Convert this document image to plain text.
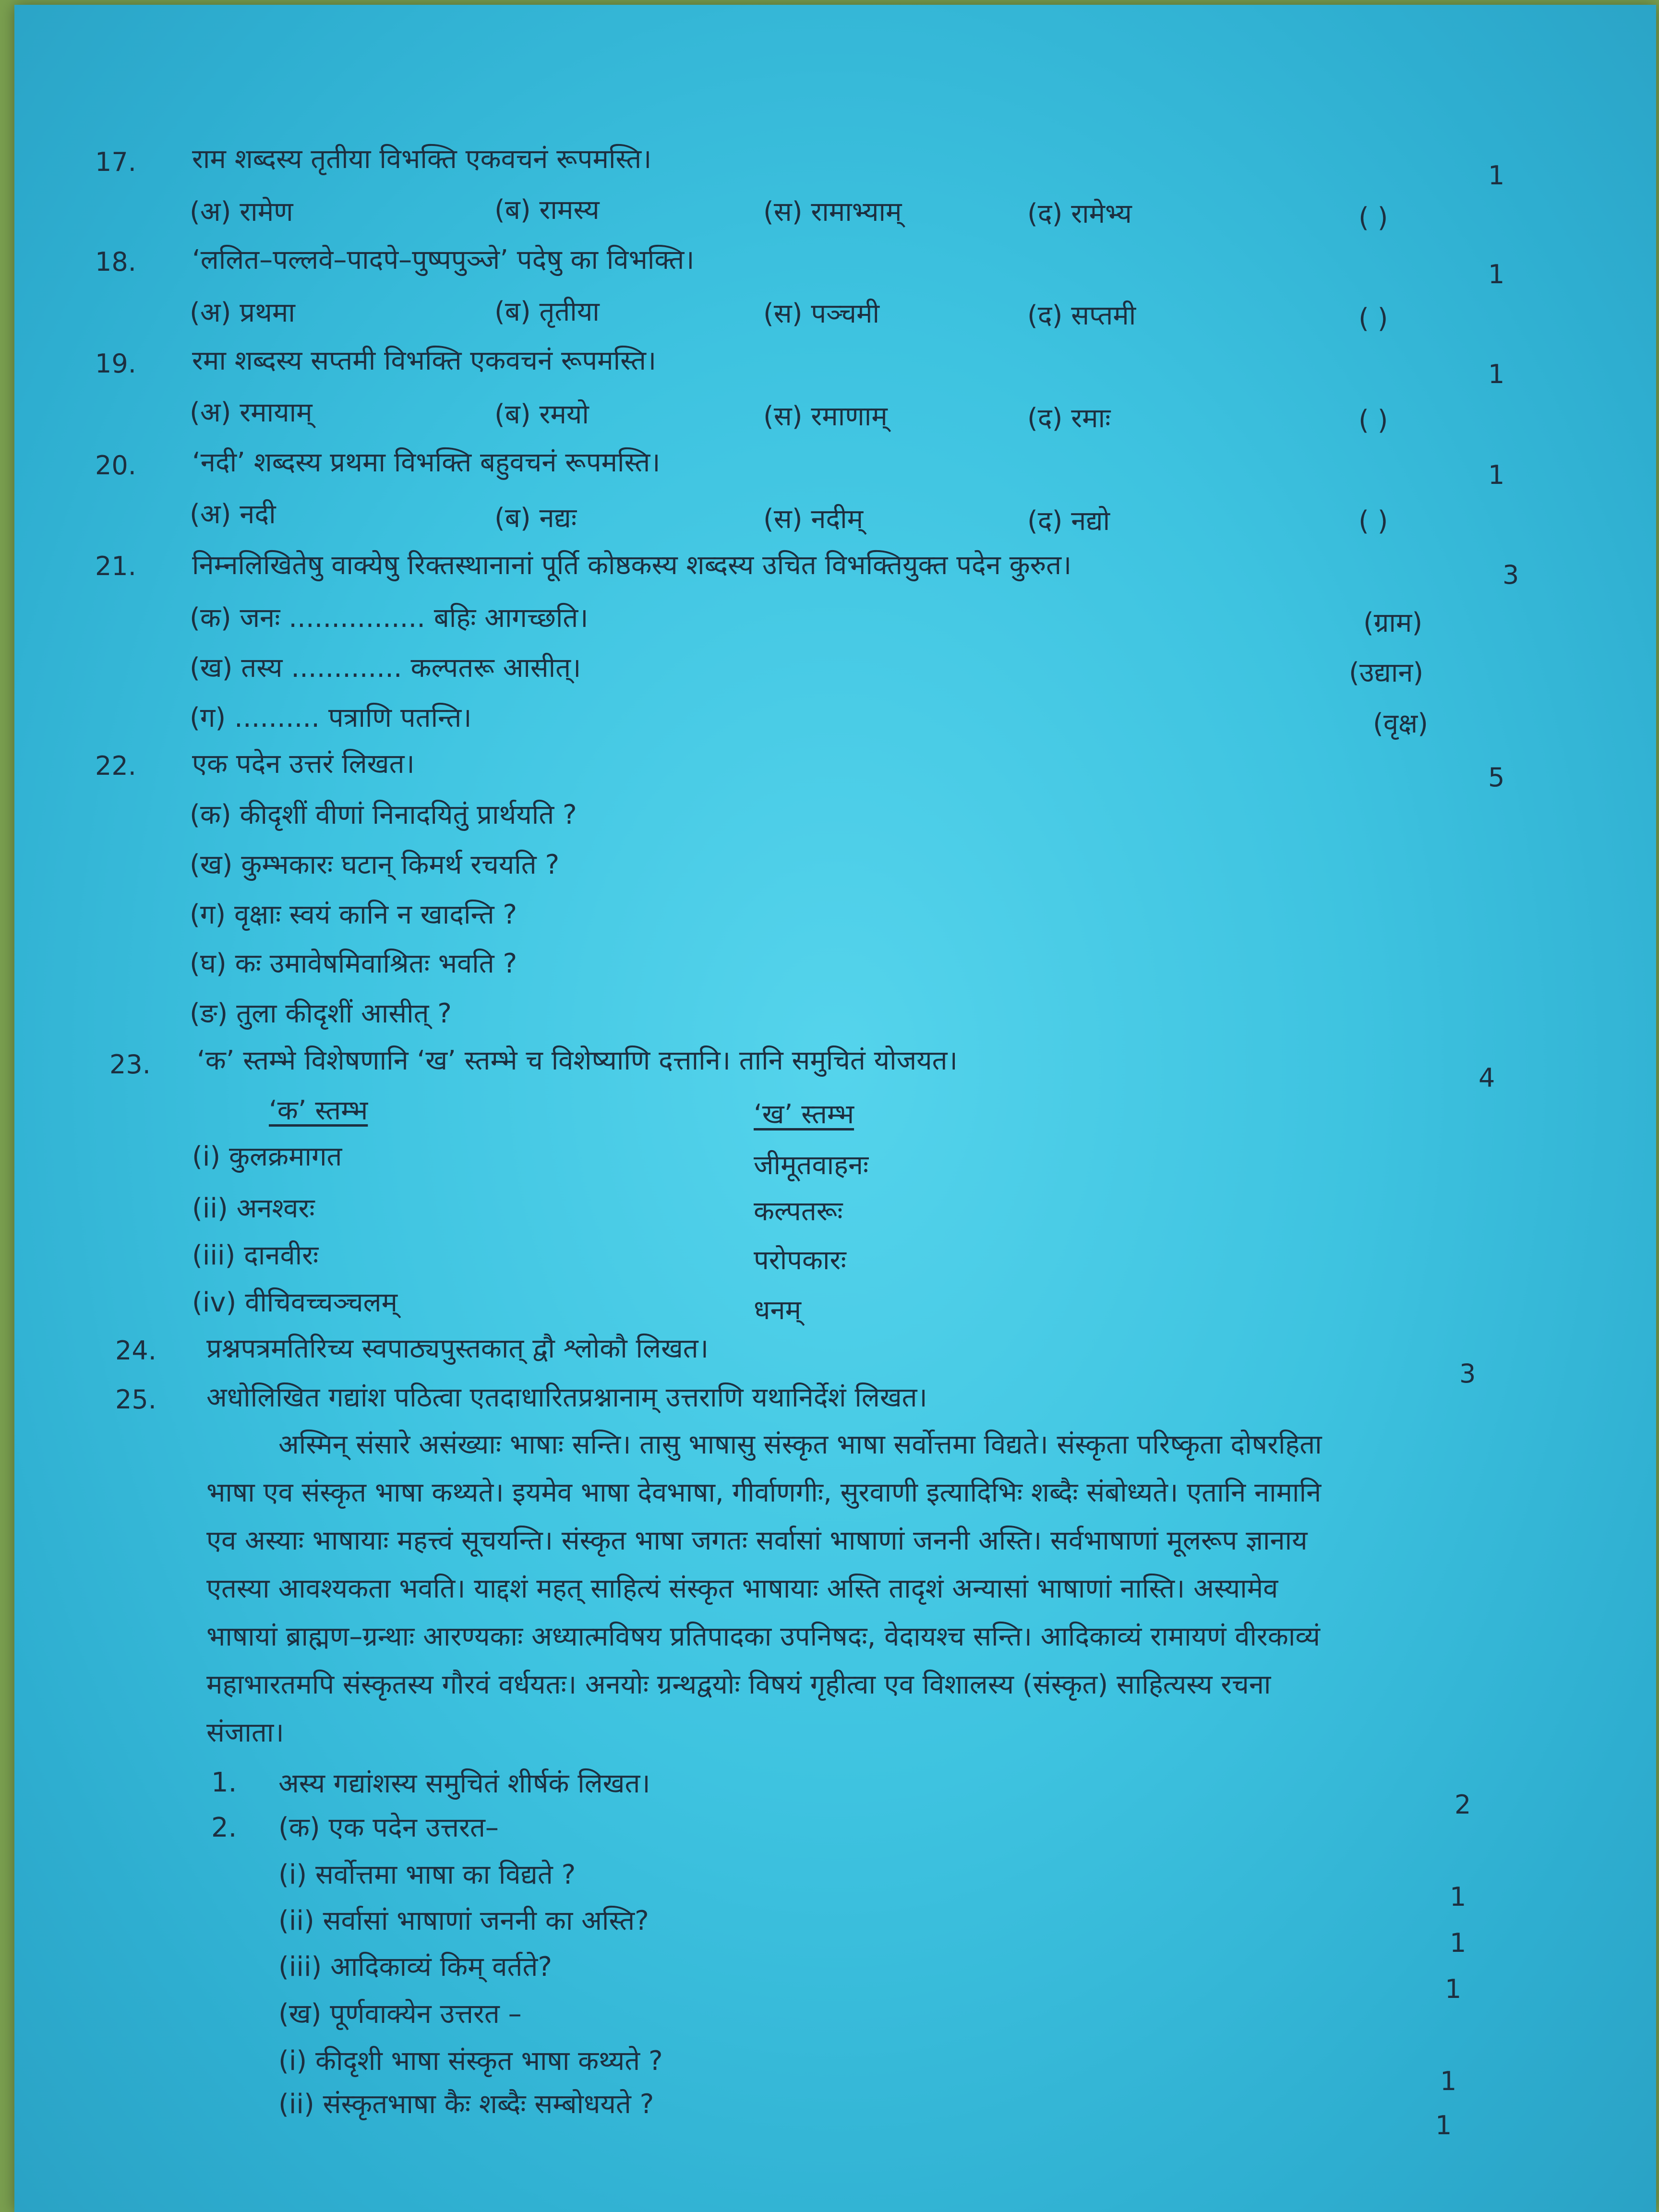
17. राम शब्दस्य तृतीया विभक्ति एकवचनं रूपमस्ति।
1
(अ) रामेण	(ब) रामस्य	(स) रामाभ्याम्	(द) रामेभ्य	( )
18. ‘ललित–पल्लवे–पादपे–पुष्पपुञ्जे’ पदेषु का विभक्ति।	1
(अ) प्रथमा	(ब) तृतीया	(स) पञ्चमी	(द) सप्तमी	( )
19. रमा शब्दस्य सप्तमी विभक्ति एकवचनं रूपमस्ति।	1
(अ) रमायाम्	(ब) रमयो	(स) रमाणाम्	(द) रमाः	( )
20. ‘नदी’ शब्दस्य प्रथमा विभक्ति बहुवचनं रूपमस्ति।	1
(अ) नदी	(ब) नद्यः	(स) नदीम्	(द) नद्यो	( )
21. निम्नलिखितेषु वाक्येषु रिक्तस्थानानां पूर्ति कोष्ठकस्य शब्दस्य उचित विभक्तियुक्त पदेन कुरुत।	3
(क) जनः ................ बहिः आगच्छति।	(ग्राम)
(ख) तस्य ............. कल्पतरू आसीत्।	(उद्यान)
(ग) .......... पत्राणि पतन्ति।	(वृक्ष)
22. एक पदेन उत्तरं लिखत।	5
(क) कीदृशीं वीणां निनादयितुं प्रार्थयति ?
(ख) कुम्भकारः घटान् किमर्थ रचयति ?
(ग) वृक्षाः स्वयं कानि न खादन्ति ?
(घ) कः उमावेषमिवाश्रितः भवति ?
(ङ) तुला कीदृशीं आसीत् ?
23. ‘क’ स्तम्भे विशेषणानि ‘ख’ स्तम्भे च विशेष्याणि दत्तानि। तानि समुचितं योजयत।
4
‘क’ स्तम्भ	‘ख’ स्तम्भ
(i) कुलक्रमागत	जीमूतवाहनः
(ii) अनश्वरः	कल्पतरूः
(iii) दानवीरः	परोपकारः
(iv) वीचिवच्चञ्चलम्	धनम्
24. प्रश्नपत्रमतिरिच्य स्वपाठ्यपुस्तकात् द्वौ श्लोकौ लिखत।
3
25. अधोलिखित गद्यांश पठित्वा एतदाधारितप्रश्नानाम् उत्तराणि यथानिर्देशं लिखत।
अस्मिन् संसारे असंख्याः भाषाः सन्ति। तासु भाषासु संस्कृत भाषा सर्वोत्तमा विद्यते। संस्कृता परिष्कृता दोषरहिता
भाषा एव संस्कृत भाषा कथ्यते। इयमेव भाषा देवभाषा, गीर्वाणगीः, सुरवाणी इत्यादिभिः शब्दैः संबोध्यते। एतानि नामानि
एव अस्याः भाषायाः महत्त्वं सूचयन्ति। संस्कृत भाषा जगतः सर्वासां भाषाणां जननी अस्ति। सर्वभाषाणां मूलरूप ज्ञानाय
एतस्या आवश्यकता भवति। याद्दशं महत् साहित्यं संस्कृत भाषायाः अस्ति तादृशं अन्यासां भाषाणां नास्ति। अस्यामेव
भाषायां ब्राह्मण–ग्रन्थाः आरण्यकाः अध्यात्मविषय प्रतिपादका उपनिषदः, वेदायश्च सन्ति। आदिकाव्यं रामायणं वीरकाव्यं
महाभारतमपि संस्कृतस्य गौरवं वर्धयतः। अनयोः ग्रन्थद्वयोः विषयं गृहीत्वा एव विशालस्य (संस्कृत) साहित्यस्य रचना
संजाता।
1. अस्य गद्यांशस्य समुचितं शीर्षकं लिखत।
2
2. (क) एक पदेन उत्तरत–
(i) सर्वोत्तमा भाषा का विद्यते ?
1
(ii) सर्वासां भाषाणां जननी का अस्ति?
1
(iii) आदिकाव्यं किम् वर्तते?
1
(ख) पूर्णवाक्येन उत्तरत –
(i) कीदृशी भाषा संस्कृत भाषा कथ्यते ?
1
(ii) संस्कृतभाषा कैः शब्दैः सम्बोधयते ?
1
